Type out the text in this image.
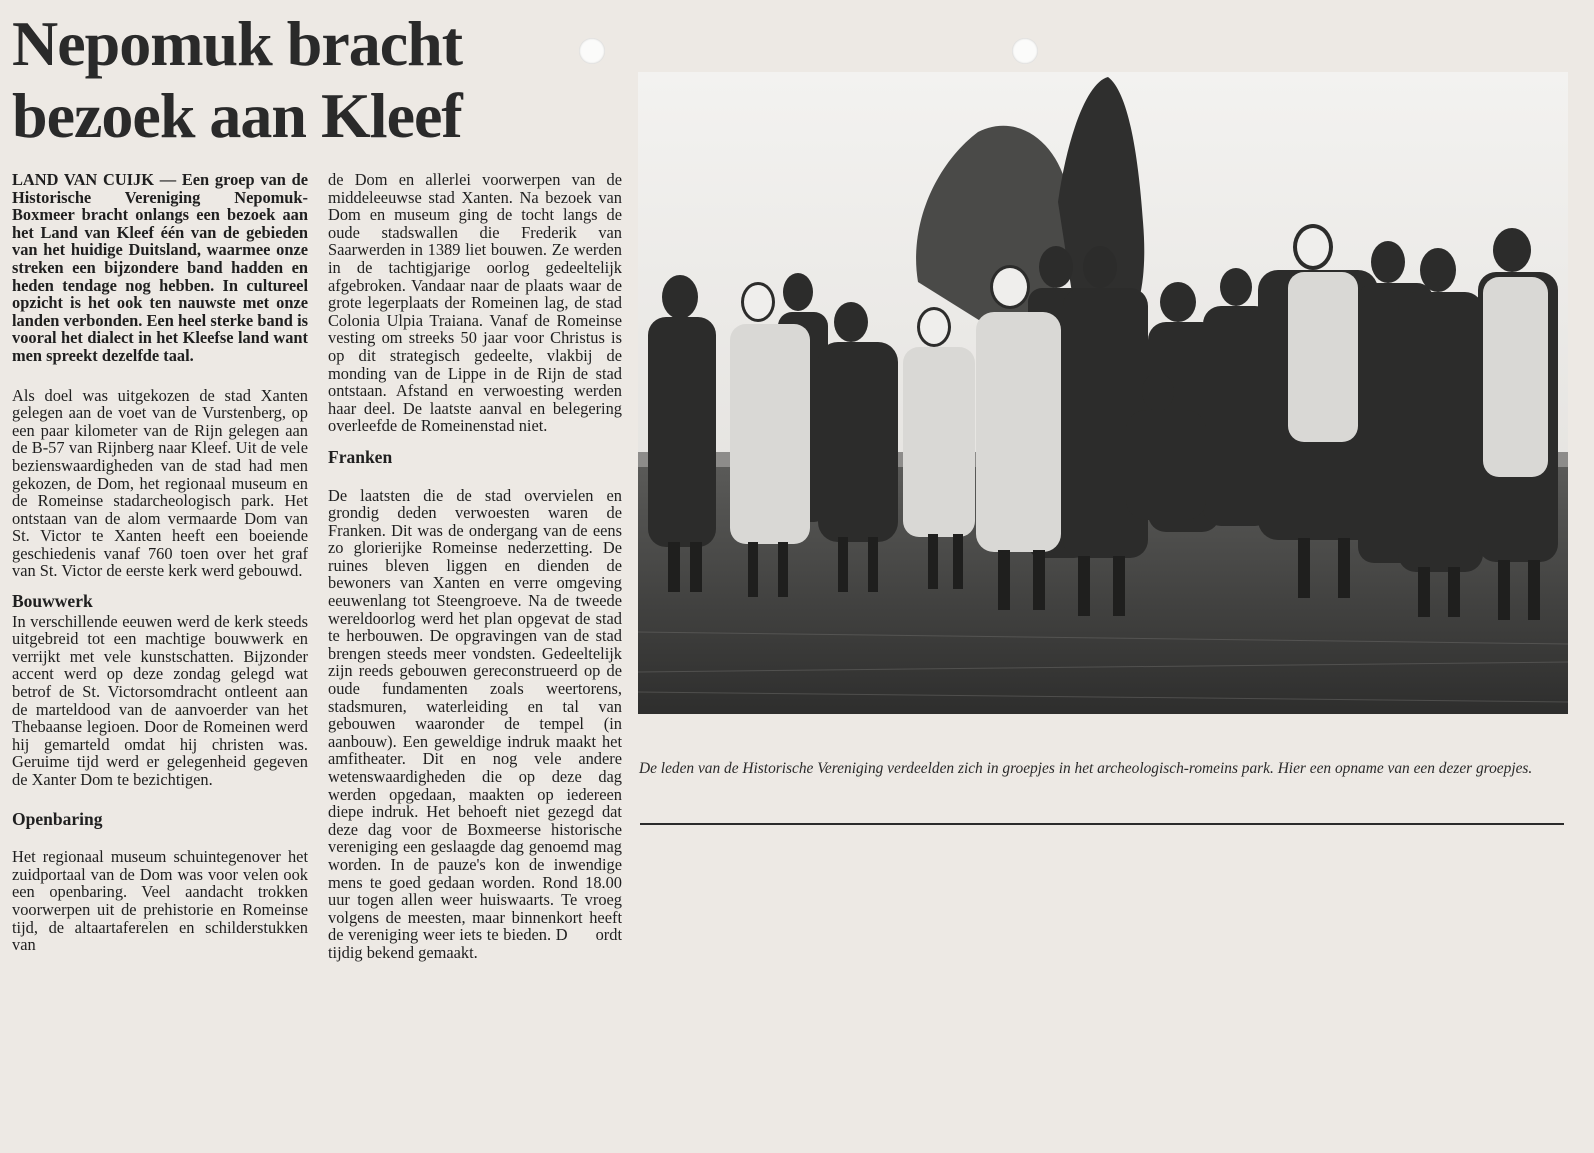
Nepomuk bracht
bezoek aan Kleef

LAND VAN CUIJK — Een groep van de Historische Vereniging Nepomuk-Boxmeer bracht onlangs een bezoek aan het Land van Kleef één van de gebieden van het huidige Duitsland, waarmee onze streken een bijzondere band hadden en heden tendage nog hebben. In cultureel opzicht is het ook ten nauwste met onze landen verbonden. Een heel sterke band is vooral het dialect in het Kleefse land want men spreekt dezelfde taal.

Als doel was uitgekozen de stad Xanten gelegen aan de voet van de Vurstenberg, op een paar kilometer van de Rijn gelegen aan de B-57 van Rijnberg naar Kleef. Uit de vele bezienswaardigheden van de stad had men gekozen, de Dom, het regionaal museum en de Romeinse stadarcheologisch park. Het ontstaan van de alom vermaarde Dom van St. Victor te Xanten heeft een boeiende geschiedenis vanaf 760 toen over het graf van St. Victor de eerste kerk werd gebouwd.

Bouwwerk

In verschillende eeuwen werd de kerk steeds uitgebreid tot een machtige bouwwerk en verrijkt met vele kunstschatten. Bijzonder accent werd op deze zondag gelegd wat betrof de St. Victorsomdracht ontleent aan de marteldood van de aanvoerder van het Thebaanse legioen. Door de Romeinen werd hij gemarteld omdat hij christen was. Geruime tijd werd er gelegenheid gegeven de Xanter Dom te bezichtigen.

Openbaring

Het regionaal museum schuintegenover het zuidportaal van de Dom was voor velen ook een openbaring. Veel aandacht trokken voorwerpen uit de prehistorie en Romeinse tijd, de altaartaferelen en schilderstukken van

de Dom en allerlei voorwerpen van de middeleeuwse stad Xanten. Na bezoek van Dom en museum ging de tocht langs de oude stadswallen die Frederik van Saarwerden in 1389 liet bouwen. Ze werden in de tachtigjarige oorlog gedeeltelijk afgebroken. Vandaar naar de plaats waar de grote legerplaats der Romeinen lag, de stad Colonia Ulpia Traiana. Vanaf de Romeinse vesting om streeks 50 jaar voor Christus is op dit strategisch gedeelte, vlakbij de monding van de Lippe in de Rijn de stad ontstaan. Afstand en verwoesting werden haar deel. De laatste aanval en belegering overleefde de Romeinenstad niet.

Franken

De laatsten die de stad overvielen en grondig deden verwoesten waren de Franken. Dit was de ondergang van de eens zo glorierijke Romeinse nederzetting. De ruines bleven liggen en dienden de bewoners van Xanten en verre omgeving eeuwenlang tot Steengroeve. Na de tweede wereldoorlog werd het plan opgevat de stad te herbouwen. De opgravingen van de stad brengen steeds meer vondsten. Gedeeltelijk zijn reeds gebouwen gereconstrueerd op de oude fundamenten zoals weertorens, stadsmuren, waterleiding en tal van gebouwen waaronder de tempel (in aanbouw). Een geweldige indruk maakt het amfitheater. Dit en nog vele andere wetenswaardigheden die op deze dag werden opgedaan, maakten op iedereen diepe indruk. Het behoeft niet gezegd dat deze dag voor de Boxmeerse historische vereniging een geslaagde dag genoemd mag worden. In de pauze's kon de inwendige mens te goed gedaan worden. Rond 18.00 uur togen allen weer huiswaarts. Te vroeg volgens de meesten, maar binnenkort heeft de vereniging weer iets te bieden. D ordt tijdig bekend gemaakt.

De leden van de Historische Vereniging verdeelden zich in groepjes in het archeologisch-romeins park. Hier een opname van een dezer groepjes.
